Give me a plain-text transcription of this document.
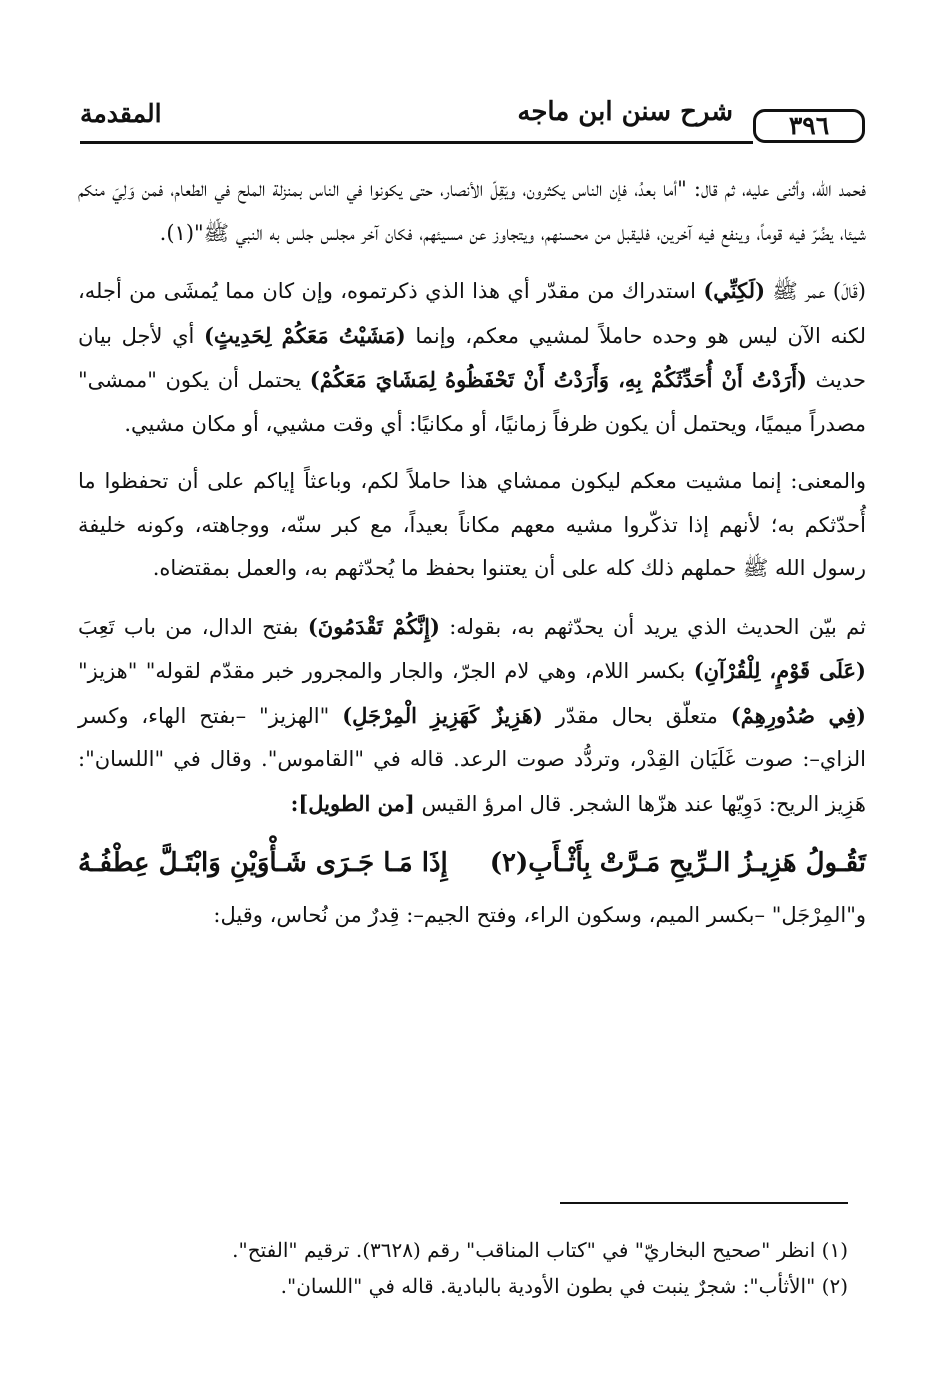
المقدمة	شرح سنن ابن ماجه	٣٩٦

فحمد الله، وأثنى عليه، ثم قال: "أما بعدُ، فإن الناس يكثرون، ويَقِلّ الأنصار، حتى يكونوا في الناس بمنزلة الملح في الطعام، فمن وَلِيَ منكم شيئا، يضُرّ فيه قوماً، وينفع فيه آخرين، فليقبل من محسنهم، ويتجاوز عن مسيئهم، فكان آخر مجلس جلس به النبي ﷺ"(١).

(قَالَ) عمر ﷺ (لَكِنِّي) استدراك من مقدّر أي هذا الذي ذكرتموه، وإن كان مما يُمشَى من أجله، لكنه الآن ليس هو وحده حاملاً لمشيي معكم، وإنما (مَشَيْتُ مَعَكُمْ لِحَدِيثٍ) أي لأجل بيان حديث (أَرَدْتُ أَنْ أُحَدِّثَكُمْ بِهِ، وَأَرَدْتُ أَنْ تَحْفَظُوهُ لِمَشَايَ مَعَكُمْ) يحتمل أن يكون "ممشى" مصدراً ميميًا، ويحتمل أن يكون ظرفاً زمانيًا، أو مكانيًا: أي وقت مشيي، أو مكان مشيي.

والمعنى: إنما مشيت معكم ليكون ممشاي هذا حاملاً لكم، وباعثاً إياكم على أن تحفظوا ما أُحدّثكم به؛ لأنهم إذا تذكّروا مشيه معهم مكاناً بعيداً، مع كبر سنّه، ووجاهته، وكونه خليفة رسول الله ﷺ حملهم ذلك كله على أن يعتنوا بحفظ ما يُحدّثهم به، والعمل بمقتضاه.

ثم بيّن الحديث الذي يريد أن يحدّثهم به، بقوله: (إِنَّكُمْ تَقْدَمُونَ) بفتح الدال، من باب تَعِبَ (عَلَى قَوْمٍ، لِلْقُرْآنِ) بكسر اللام، وهي لام الجرّ، والجار والمجرور خبر مقدّم لقوله" "هزيز" (فِي صُدُورِهِمْ) متعلّق بحال مقدّر (هَزِيزٌ كَهَزِيزِ الْمِرْجَلِ) "الهزيز" –بفتح الهاء، وكسر الزاي–: صوت غَلَيَان القِدْر، وتردُّد صوت الرعد. قاله في "القاموس". وقال في "اللسان": هَزِيز الريح: دَوِيّها عند هزّها الشجر. قال امرؤ القيس [من الطويل]:

إِذَا مَـا جَـرَى شَـأْوَيْنِ وَابْتَـلَّ عِطْفُـهُ تَقُـولُ هَزِيـزُ الـرِّيحِ مَـرَّتْ بِأَثْـأَبِ(٢)

و"المِرْجَل" –بكسر الميم، وسكون الراء، وفتح الجيم–: قِدرٌ من نُحاس، وقيل:

(١) انظر "صحيح البخاريّ" في "كتاب المناقب" رقم (٣٦٢٨). ترقيم "الفتح".

(٢) "الأثأب": شجرٌ ينبت في بطون الأودية بالبادية. قاله في "اللسان".
